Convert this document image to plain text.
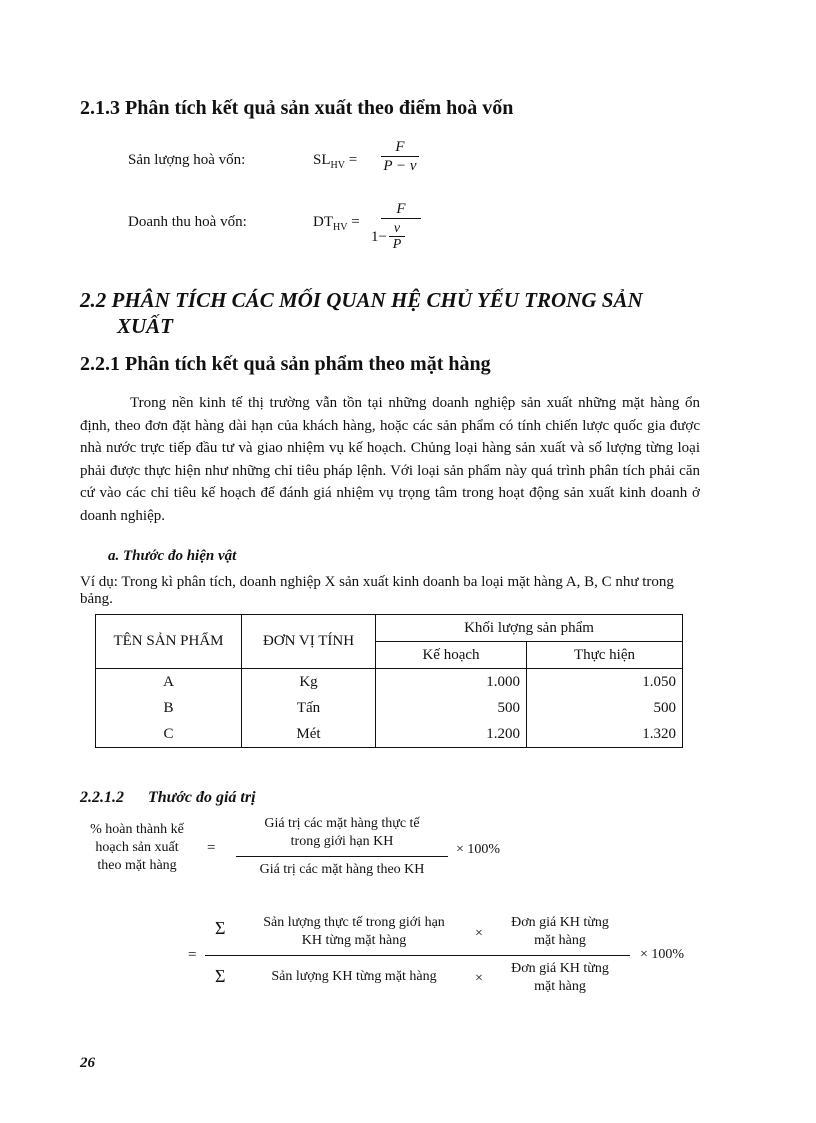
2.1.3 Phân tích kết quả sản xuất theo điểm hoà vốn
Sản lượng hoà vốn:	$SL_{HV}$ =
F
P − v
Doanh thu hoà vốn:	$DT_{HV}$ =
F
1− v
P
2.2 PHÂN TÍCH CÁC MỐI QUAN HỆ CHỦ YẾU TRONG SẢN
XUẤT
2.2.1 Phân tích kết quả sản phẩm theo mặt hàng

Trong nền kinh tế thị trường vẫn tồn tại những doanh nghiệp sản xuất những mặt hàng ổn định, theo đơn đặt hàng dài hạn của khách hàng, hoặc các sản phẩm có tính chiến lược quốc gia được nhà nước trực tiếp đầu tư và giao nhiệm vụ kế hoạch. Chủng loại hàng sản xuất và số lượng từng loại phải được thực hiện như những chỉ tiêu pháp lệnh. Với loại sản phẩm này quá trình phân tích phải căn cứ vào các chỉ tiêu kế hoạch để đánh giá nhiệm vụ trọng tâm trong hoạt động sản xuất kinh doanh ở doanh nghiệp.

a. Thước đo hiện vật
Ví dụ: Trong kì phân tích, doanh nghiệp X sản xuất kinh doanh ba loại mặt hàng A, B, C như trong bảng.
TÊN SẢN PHẨM	ĐƠN VỊ TÍNH	Khối lượng sản phẩm	
		Kế hoạch	Thực hiện
A	Kg	1.000	1.050
B	Tấn	500	500
C	Mét	1.200	1.320
2.2.1.2 Thước đo giá trị
% hoàn thành kế
hoạch sản xuất
theo mặt hàng
=
Giá trị các mặt hàng thực tế
trong giới hạn KH
Giá trị các mặt hàng theo KH
× 100%
=
Σ	Sản lượng thực tế trong giới hạn
KH từng mặt hàng	×
Đơn giá KH từng
mặt hàng
Σ	Sản lượng KH từng mặt hàng	×
Đơn giá KH từng
mặt hàng
× 100%
26
